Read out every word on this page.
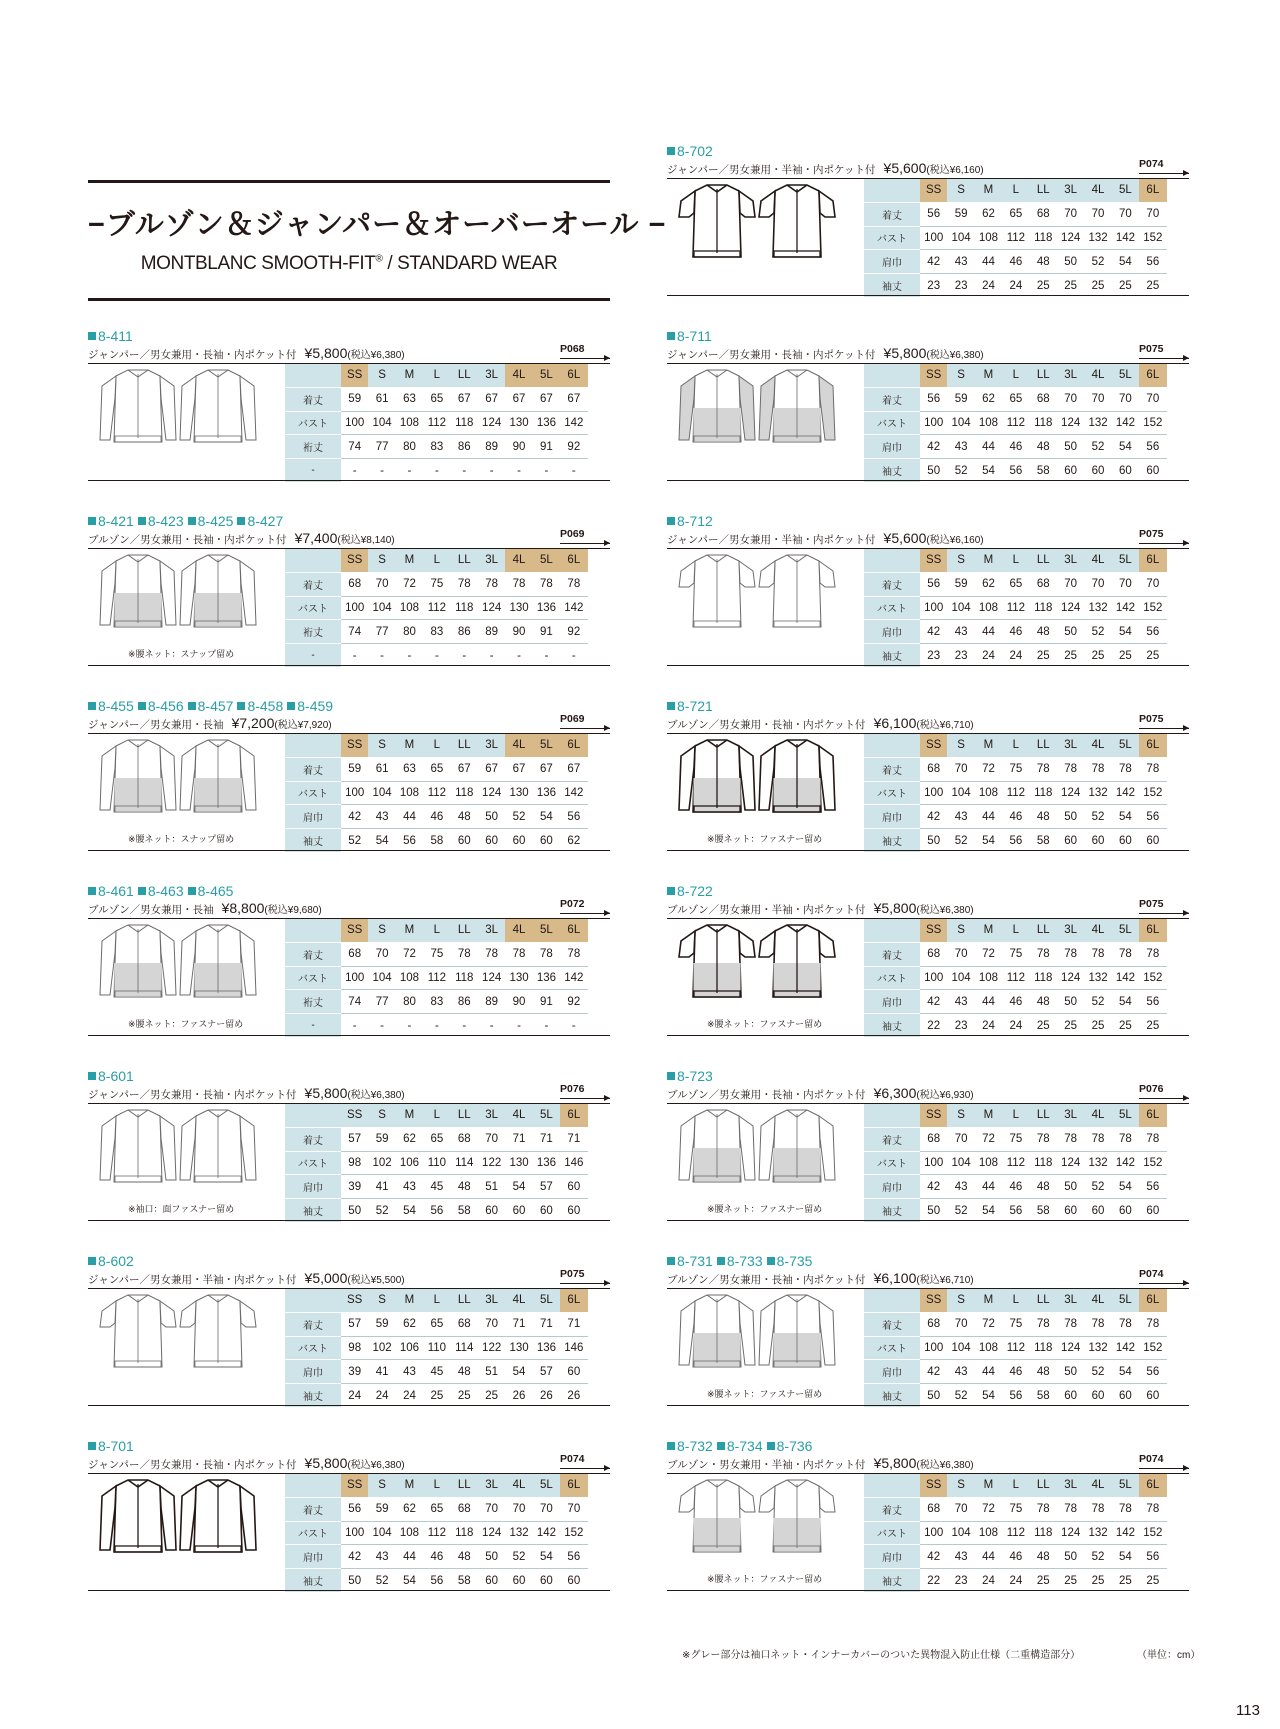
−ブルゾン＆ジャンパー＆オーバーオール −
MONTBLANC SMOOTH-FIT® / STANDARD WEAR
8-411
ジャンパー／男女兼用・長袖・内ポケット付 ¥5,800(税込¥6,380)
P068
	SS	S	M	L	LL	3L	4L	5L	6L
着丈	59	61	63	65	67	67	67	67	67
バスト	100	104	108	112	118	124	130	136	142
裄丈	74	77	80	83	86	89	90	91	92
-	-	-	-	-	-	-	-	-	-
8-421 8-423 8-425 8-427
ブルゾン／男女兼用・長袖・内ポケット付 ¥7,400(税込¥8,140)
P069
※腰ネット：スナップ留め
	SS	S	M	L	LL	3L	4L	5L	6L
着丈	68	70	72	75	78	78	78	78	78
バスト	100	104	108	112	118	124	130	136	142
裄丈	74	77	80	83	86	89	90	91	92
-	-	-	-	-	-	-	-	-	-
8-455 8-456 8-457 8-458 8-459
ジャンパー／男女兼用・長袖 ¥7,200(税込¥7,920)
P069
※腰ネット：スナップ留め
	SS	S	M	L	LL	3L	4L	5L	6L
着丈	59	61	63	65	67	67	67	67	67
バスト	100	104	108	112	118	124	130	136	142
肩巾	42	43	44	46	48	50	52	54	56
袖丈	52	54	56	58	60	60	60	60	62
8-461 8-463 8-465
ブルゾン／男女兼用・長袖 ¥8,800(税込¥9,680)
P072
※腰ネット：ファスナー留め
	SS	S	M	L	LL	3L	4L	5L	6L
着丈	68	70	72	75	78	78	78	78	78
バスト	100	104	108	112	118	124	130	136	142
裄丈	74	77	80	83	86	89	90	91	92
-	-	-	-	-	-	-	-	-	-
8-601
ジャンパー／男女兼用・長袖・内ポケット付 ¥5,800(税込¥6,380)
P076
※袖口：面ファスナー留め
	SS	S	M	L	LL	3L	4L	5L	6L
着丈	57	59	62	65	68	70	71	71	71
バスト	98	102	106	110	114	122	130	136	146
肩巾	39	41	43	45	48	51	54	57	60
袖丈	50	52	54	56	58	60	60	60	60
8-602
ジャンパー／男女兼用・半袖・内ポケット付 ¥5,000(税込¥5,500)
P075
	SS	S	M	L	LL	3L	4L	5L	6L
着丈	57	59	62	65	68	70	71	71	71
バスト	98	102	106	110	114	122	130	136	146
肩巾	39	41	43	45	48	51	54	57	60
袖丈	24	24	24	25	25	25	26	26	26
8-701
ジャンパー／男女兼用・長袖・内ポケット付 ¥5,800(税込¥6,380)
P074
	SS	S	M	L	LL	3L	4L	5L	6L
着丈	56	59	62	65	68	70	70	70	70
バスト	100	104	108	112	118	124	132	142	152
肩巾	42	43	44	46	48	50	52	54	56
袖丈	50	52	54	56	58	60	60	60	60
8-702
ジャンパー／男女兼用・半袖・内ポケット付 ¥5,600(税込¥6,160)
P074
	SS	S	M	L	LL	3L	4L	5L	6L
着丈	56	59	62	65	68	70	70	70	70
バスト	100	104	108	112	118	124	132	142	152
肩巾	42	43	44	46	48	50	52	54	56
袖丈	23	23	24	24	25	25	25	25	25
8-711
ジャンパー／男女兼用・長袖・内ポケット付 ¥5,800(税込¥6,380)
P075
	SS	S	M	L	LL	3L	4L	5L	6L
着丈	56	59	62	65	68	70	70	70	70
バスト	100	104	108	112	118	124	132	142	152
肩巾	42	43	44	46	48	50	52	54	56
袖丈	50	52	54	56	58	60	60	60	60
8-712
ジャンパー／男女兼用・半袖・内ポケット付 ¥5,600(税込¥6,160)
P075
	SS	S	M	L	LL	3L	4L	5L	6L
着丈	56	59	62	65	68	70	70	70	70
バスト	100	104	108	112	118	124	132	142	152
肩巾	42	43	44	46	48	50	52	54	56
袖丈	23	23	24	24	25	25	25	25	25
8-721
ブルゾン／男女兼用・長袖・内ポケット付 ¥6,100(税込¥6,710)
P075
※腰ネット：ファスナー留め
	SS	S	M	L	LL	3L	4L	5L	6L
着丈	68	70	72	75	78	78	78	78	78
バスト	100	104	108	112	118	124	132	142	152
肩巾	42	43	44	46	48	50	52	54	56
袖丈	50	52	54	56	58	60	60	60	60
8-722
ブルゾン／男女兼用・半袖・内ポケット付 ¥5,800(税込¥6,380)
P075
※腰ネット：ファスナー留め
	SS	S	M	L	LL	3L	4L	5L	6L
着丈	68	70	72	75	78	78	78	78	78
バスト	100	104	108	112	118	124	132	142	152
肩巾	42	43	44	46	48	50	52	54	56
袖丈	22	23	24	24	25	25	25	25	25
8-723
ブルゾン／男女兼用・長袖・内ポケット付 ¥6,300(税込¥6,930)
P076
※腰ネット：ファスナー留め
	SS	S	M	L	LL	3L	4L	5L	6L
着丈	68	70	72	75	78	78	78	78	78
バスト	100	104	108	112	118	124	132	142	152
肩巾	42	43	44	46	48	50	52	54	56
袖丈	50	52	54	56	58	60	60	60	60
8-731 8-733 8-735
ブルゾン／男女兼用・長袖・内ポケット付 ¥6,100(税込¥6,710)
P074
※腰ネット：ファスナー留め
	SS	S	M	L	LL	3L	4L	5L	6L
着丈	68	70	72	75	78	78	78	78	78
バスト	100	104	108	112	118	124	132	142	152
肩巾	42	43	44	46	48	50	52	54	56
袖丈	50	52	54	56	58	60	60	60	60
8-732 8-734 8-736
ブルゾン・男女兼用・半袖・内ポケット付 ¥5,800(税込¥6,380)
P074
※腰ネット：ファスナー留め
	SS	S	M	L	LL	3L	4L	5L	6L
着丈	68	70	72	75	78	78	78	78	78
バスト	100	104	108	112	118	124	132	142	152
肩巾	42	43	44	46	48	50	52	54	56
袖丈	22	23	24	24	25	25	25	25	25
※グレー部分は袖口ネット・インナーカバーのついた異物混入防止仕様（二重構造部分）	（単位：cm）
113
